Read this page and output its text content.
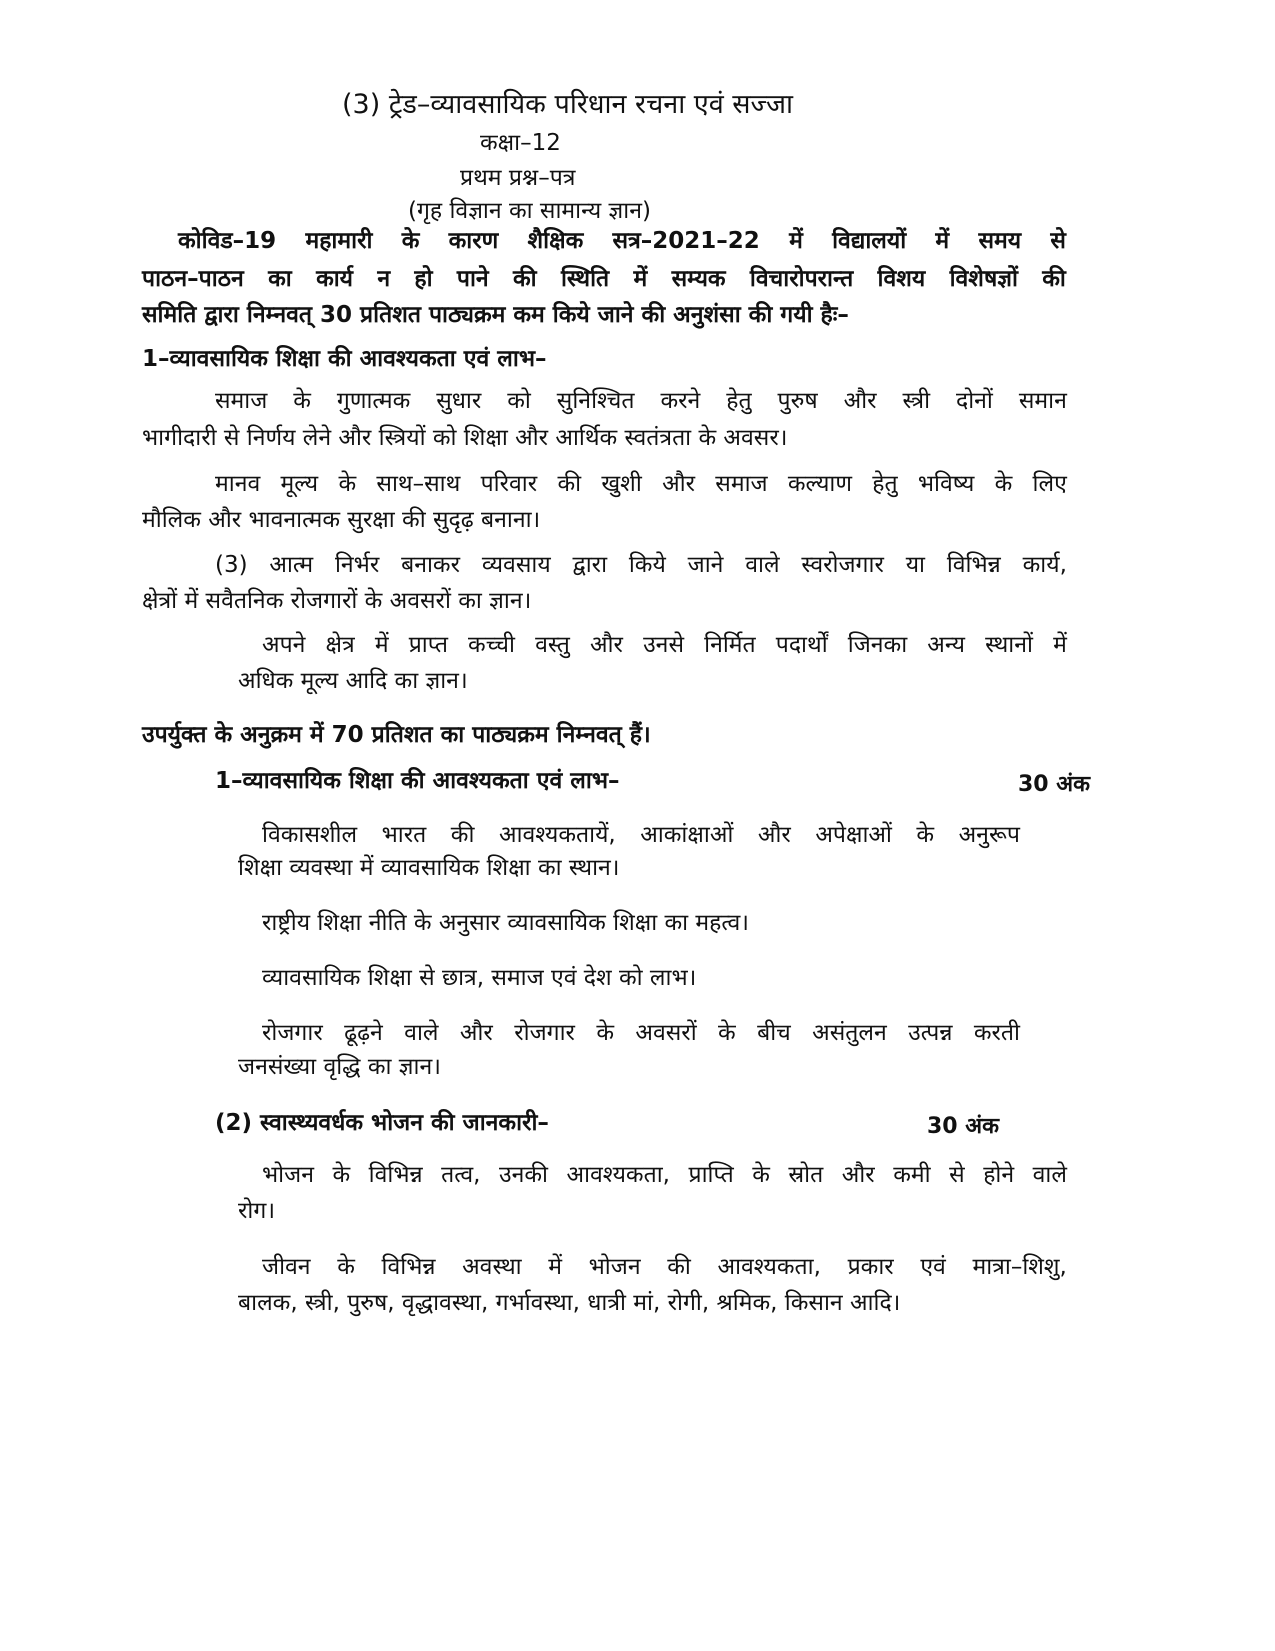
(3) ट्रेड–व्यावसायिक परिधान रचना एवं सज्जा
कक्षा–12
प्रथम प्रश्न–पत्र
(गृह विज्ञान का सामान्य ज्ञान)
कोविड–19 महामारी के कारण शैक्षिक सत्र–2021–22 में विद्यालयों में समय से
पाठन–पाठन का कार्य न हो पाने की स्थिति में सम्यक विचारोपरान्त विशय विशेषज्ञों की
समिति द्वारा निम्नवत् 30 प्रतिशत पाठ्यक्रम कम किये जाने की अनुशंसा की गयी हैः–
1–व्यावसायिक शिक्षा की आवश्यकता एवं लाभ–
समाज के गुणात्मक सुधार को सुनिश्चित करने हेतु पुरुष और स्त्री दोनों समान
भागीदारी से निर्णय लेने और स्त्रियों को शिक्षा और आर्थिक स्वतंत्रता के अवसर।
मानव मूल्य के साथ–साथ परिवार की खुशी और समाज कल्याण हेतु भविष्य के लिए
मौलिक और भावनात्मक सुरक्षा की सुदृढ़ बनाना।
(3) आत्म निर्भर बनाकर व्यवसाय द्वारा किये जाने वाले स्वरोजगार या विभिन्न कार्य,
क्षेत्रों में सवैतनिक रोजगारों के अवसरों का ज्ञान।
अपने क्षेत्र में प्राप्त कच्ची वस्तु और उनसे निर्मित पदार्थों जिनका अन्य स्थानों में
अधिक मूल्य आदि का ज्ञान।
उपर्युक्त के अनुक्रम में 70 प्रतिशत का पाठ्यक्रम निम्नवत् हैं।
1–व्यावसायिक शिक्षा की आवश्यकता एवं लाभ–	30 अंक
विकासशील भारत की आवश्यकतायें, आकांक्षाओं और अपेक्षाओं के अनुरूप
शिक्षा व्यवस्था में व्यावसायिक शिक्षा का स्थान।
राष्ट्रीय शिक्षा नीति के अनुसार व्यावसायिक शिक्षा का महत्व।
व्यावसायिक शिक्षा से छात्र, समाज एवं देश को लाभ।
रोजगार ढूढ़ने वाले और रोजगार के अवसरों के बीच असंतुलन उत्पन्न करती
जनसंख्या वृद्धि का ज्ञान।
(2) स्वास्थ्यवर्धक भोजन की जानकारी–	30 अंक
भोजन के विभिन्न तत्व, उनकी आवश्यकता, प्राप्ति के स्रोत और कमी से होने वाले
रोग।
जीवन के विभिन्न अवस्था में भोजन की आवश्यकता, प्रकार एवं मात्रा–शिशु,
बालक, स्त्री, पुरुष, वृद्धावस्था, गर्भावस्था, धात्री मां, रोगी, श्रमिक, किसान आदि।
